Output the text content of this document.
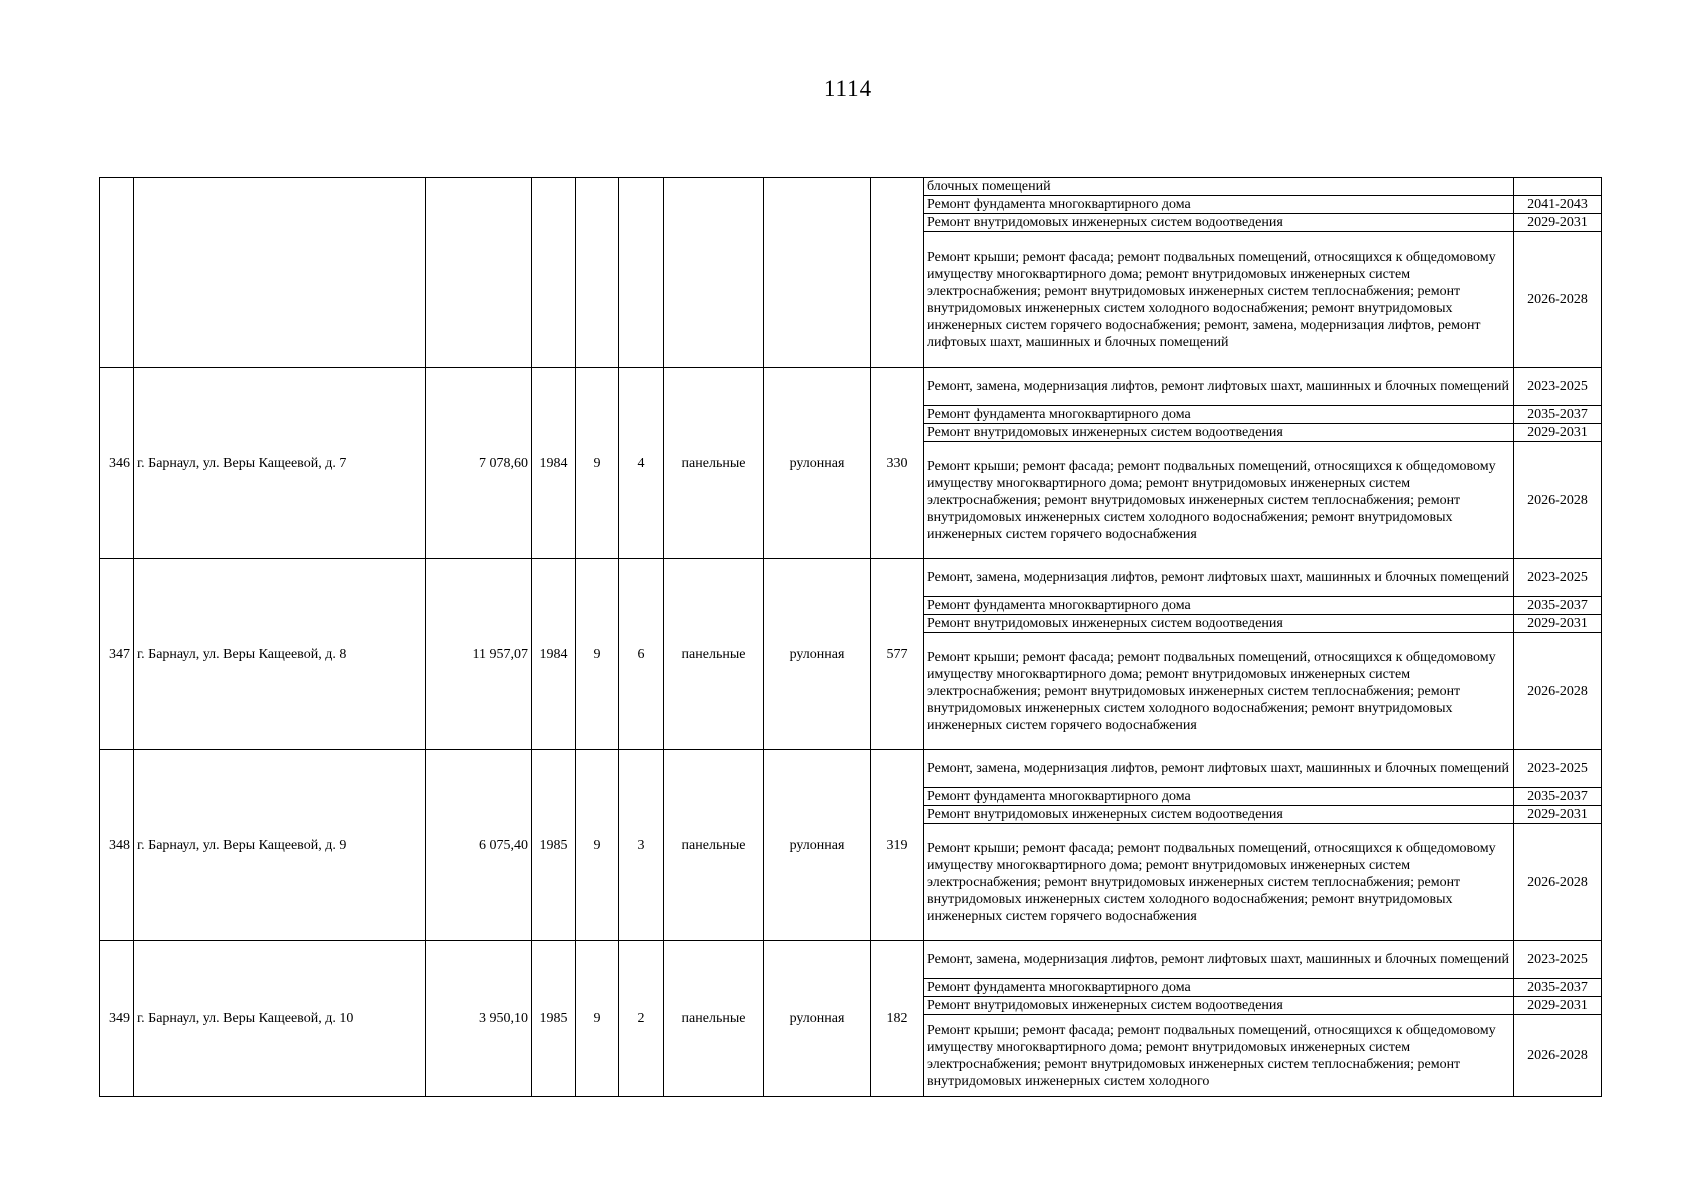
1114
									блочных помещений	
									Ремонт фундамента многоквартирного дома	2041-2043
									Ремонт внутридомовых инженерных систем водоотведения	2029-2031
									Ремонт крыши; ремонт фасада; ремонт подвальных помещений, относящихся к общедомовому имуществу многоквартирного дома; ремонт внутридомовых инженерных систем электроснабжения; ремонт внутридомовых инженерных систем теплоснабжения; ремонт внутридомовых инженерных систем холодного водоснабжения; ремонт внутридомовых инженерных систем горячего водоснабжения; ремонт, замена, модернизация лифтов, ремонт лифтовых шахт, машинных и блочных помещений	2026-2028
346	г. Барнаул, ул. Веры Кащеевой, д. 7	7 078,60	1984	9	4	панельные	рулонная	330	Ремонт, замена, модернизация лифтов, ремонт лифтовых шахт, машинных и блочных помещений	2023-2025
									Ремонт фундамента многоквартирного дома	2035-2037
									Ремонт внутридомовых инженерных систем водоотведения	2029-2031
									Ремонт крыши; ремонт фасада; ремонт подвальных помещений, относящихся к общедомовому имуществу многоквартирного дома; ремонт внутридомовых инженерных систем электроснабжения; ремонт внутридомовых инженерных систем теплоснабжения; ремонт внутридомовых инженерных систем холодного водоснабжения; ремонт внутридомовых инженерных систем горячего водоснабжения	2026-2028
347	г. Барнаул, ул. Веры Кащеевой, д. 8	11 957,07	1984	9	6	панельные	рулонная	577	Ремонт, замена, модернизация лифтов, ремонт лифтовых шахт, машинных и блочных помещений	2023-2025
									Ремонт фундамента многоквартирного дома	2035-2037
									Ремонт внутридомовых инженерных систем водоотведения	2029-2031
									Ремонт крыши; ремонт фасада; ремонт подвальных помещений, относящихся к общедомовому имуществу многоквартирного дома; ремонт внутридомовых инженерных систем электроснабжения; ремонт внутридомовых инженерных систем теплоснабжения; ремонт внутридомовых инженерных систем холодного водоснабжения; ремонт внутридомовых инженерных систем горячего водоснабжения	2026-2028
348	г. Барнаул, ул. Веры Кащеевой, д. 9	6 075,40	1985	9	3	панельные	рулонная	319	Ремонт, замена, модернизация лифтов, ремонт лифтовых шахт, машинных и блочных помещений	2023-2025
									Ремонт фундамента многоквартирного дома	2035-2037
									Ремонт внутридомовых инженерных систем водоотведения	2029-2031
									Ремонт крыши; ремонт фасада; ремонт подвальных помещений, относящихся к общедомовому имуществу многоквартирного дома; ремонт внутридомовых инженерных систем электроснабжения; ремонт внутридомовых инженерных систем теплоснабжения; ремонт внутридомовых инженерных систем холодного водоснабжения; ремонт внутридомовых инженерных систем горячего водоснабжения	2026-2028
349	г. Барнаул, ул. Веры Кащеевой, д. 10	3 950,10	1985	9	2	панельные	рулонная	182	Ремонт, замена, модернизация лифтов, ремонт лифтовых шахт, машинных и блочных помещений	2023-2025
									Ремонт фундамента многоквартирного дома	2035-2037
									Ремонт внутридомовых инженерных систем водоотведения	2029-2031
									Ремонт крыши; ремонт фасада; ремонт подвальных помещений, относящихся к общедомовому имуществу многоквартирного дома; ремонт внутридомовых инженерных систем электроснабжения; ремонт внутридомовых инженерных систем теплоснабжения; ремонт внутридомовых инженерных систем холодного	2026-2028
